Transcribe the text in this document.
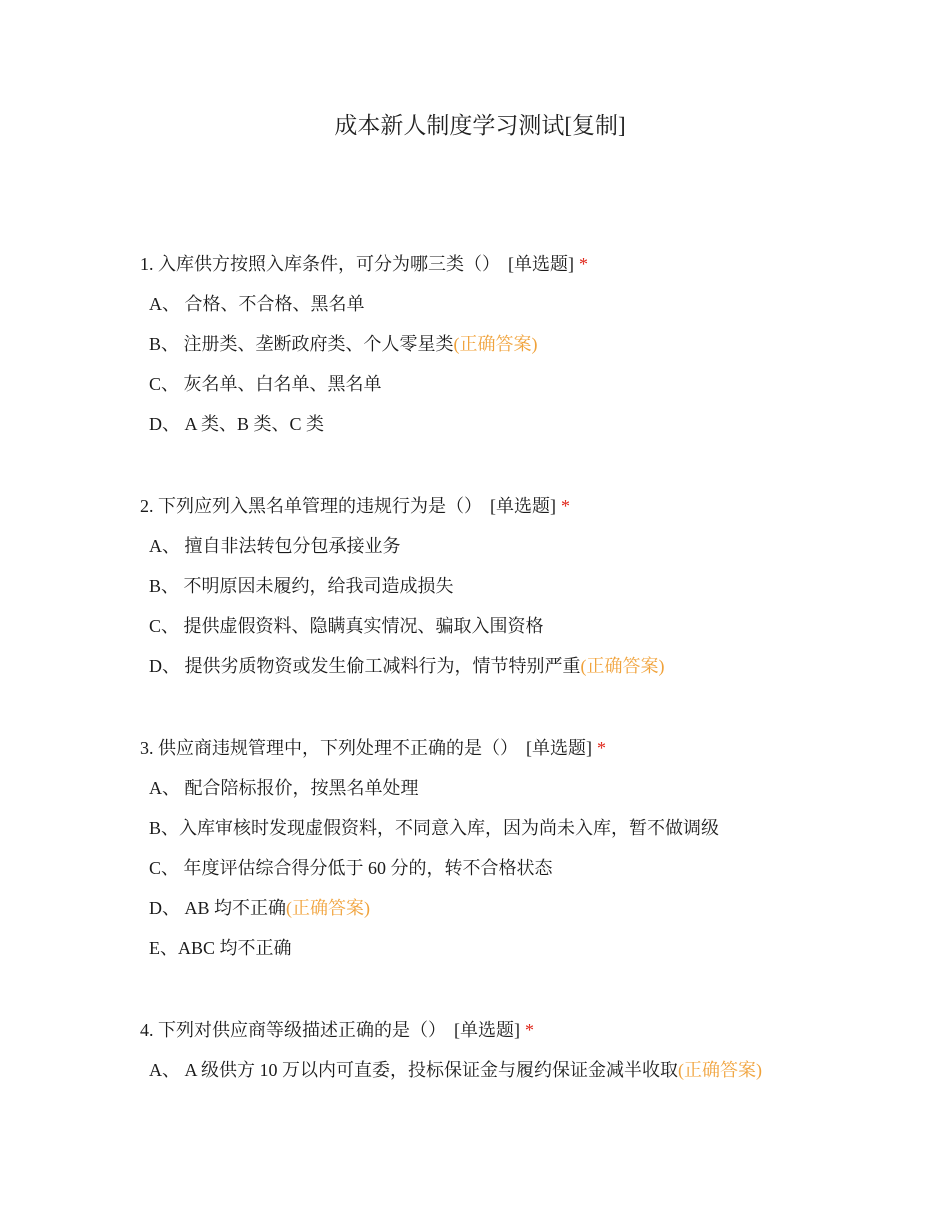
成本新人制度学习测试[复制]
1. 入库供方按照入库条件，可分为哪三类（） [单选题] *
A、 合格、不合格、黑名单
B、 注册类、垄断政府类、个人零星类(正确答案)
C、 灰名单、白名单、黑名单
D、 A 类、B 类、C 类
2. 下列应列入黑名单管理的违规行为是（） [单选题] *
A、 擅自非法转包分包承接业务
B、 不明原因未履约，给我司造成损失
C、 提供虚假资料、隐瞒真实情况、骗取入围资格
D、 提供劣质物资或发生偷工减料行为，情节特别严重(正确答案)
3. 供应商违规管理中，下列处理不正确的是（） [单选题] *
A、 配合陪标报价，按黑名单处理
B、入库审核时发现虚假资料，不同意入库，因为尚未入库，暂不做调级
C、 年度评估综合得分低于 60 分的，转不合格状态
D、 AB 均不正确(正确答案)
E、ABC 均不正确
4. 下列对供应商等级描述正确的是（） [单选题] *
A、 A 级供方 10 万以内可直委，投标保证金与履约保证金减半收取(正确答案)
